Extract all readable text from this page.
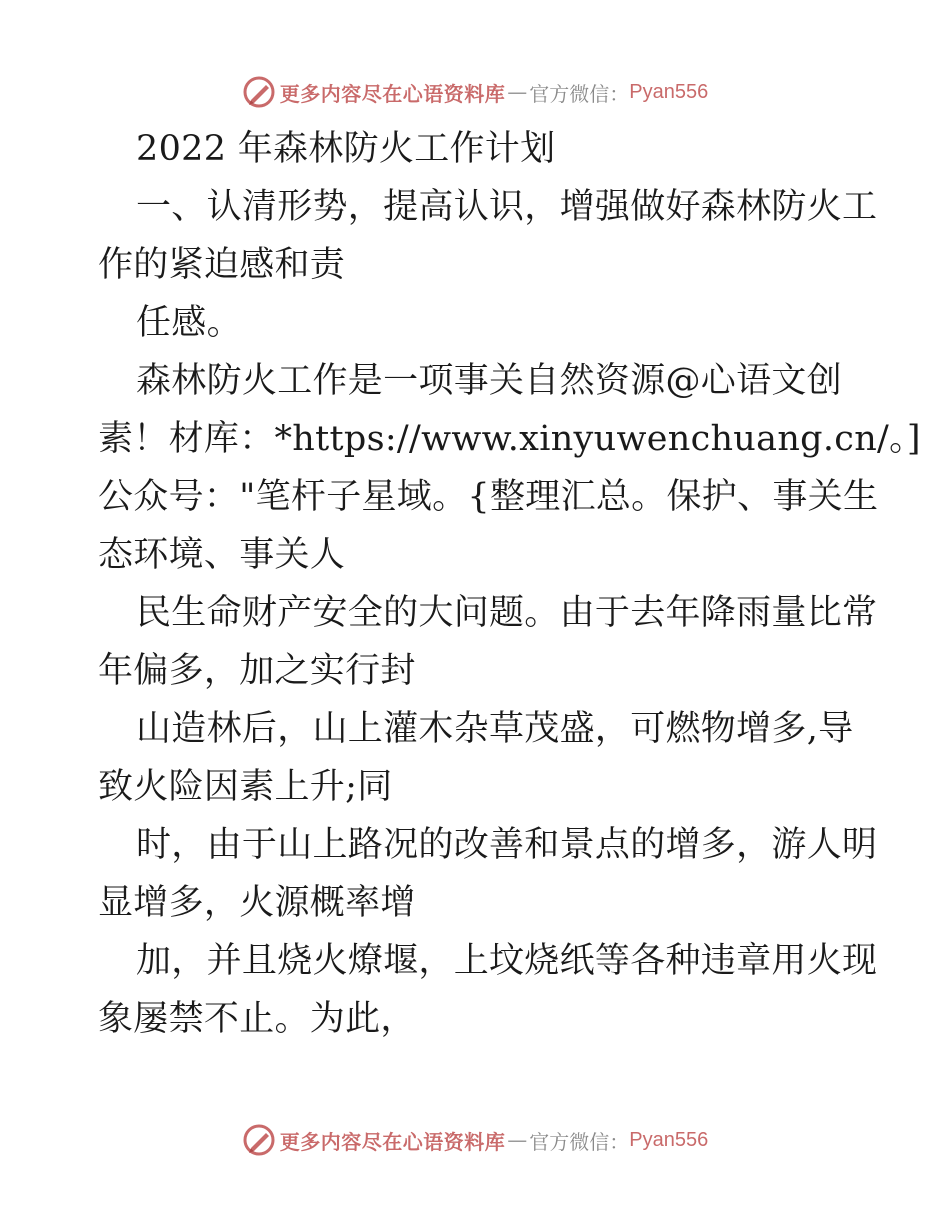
更多内容尽在心语资料库 — 官方微信： Pyan556
2022 年森林防火工作计划
一、认清形势，提高认识，增强做好森林防火工
作的紧迫感和责
任感。
森林防火工作是一项事关自然资源@心语文创
素！材库：*https://www.xinyuwenchuang.cn/。]
公众号："笔杆子星域。{整理汇总。保护、事关生
态环境、事关人
民生命财产安全的大问题。由于去年降雨量比常
年偏多，加之实行封
山造林后，山上灌木杂草茂盛，可燃物增多,导
致火险因素上升;同
时，由于山上路况的改善和景点的增多，游人明
显增多，火源概率增
加，并且烧火燎堰，上坟烧纸等各种违章用火现
象屡禁不止。为此，
更多内容尽在心语资料库 — 官方微信： Pyan556
